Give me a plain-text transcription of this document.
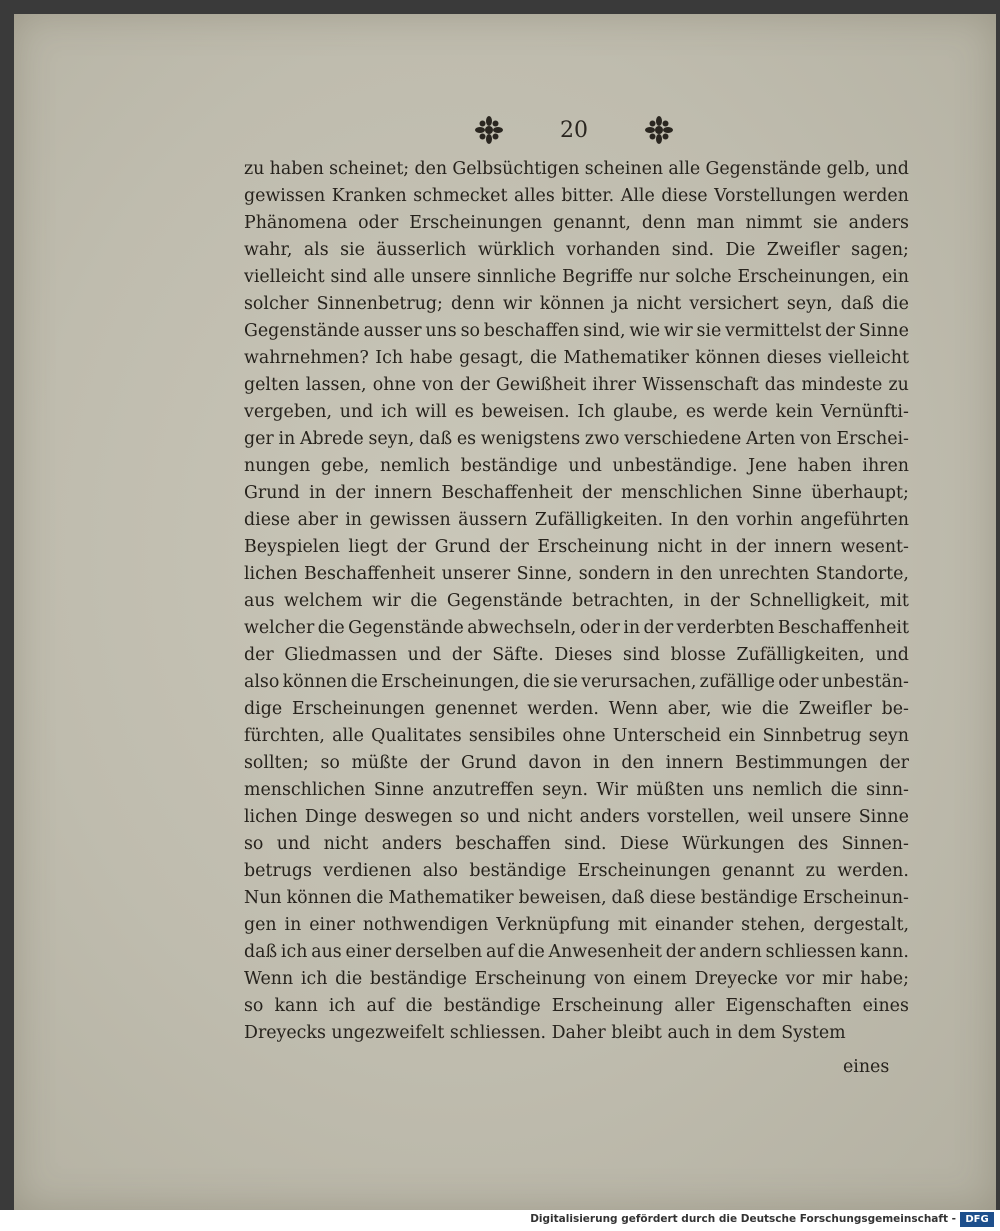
20
zu haben scheinet; den Gelbsüchtigen scheinen alle Gegenstände gelb, und
gewissen Kranken schmecket alles bitter. Alle diese Vorstellungen werden
Phänomena oder Erscheinungen genannt, denn man nimmt sie anders
wahr, als sie äusserlich würklich vorhanden sind. Die Zweifler sagen;
vielleicht sind alle unsere sinnliche Begriffe nur solche Erscheinungen, ein
solcher Sinnenbetrug; denn wir können ja nicht versichert seyn, daß die
Gegenstände ausser uns so beschaffen sind, wie wir sie vermittelst der Sinne
wahrnehmen? Ich habe gesagt, die Mathematiker können dieses vielleicht
gelten lassen, ohne von der Gewißheit ihrer Wissenschaft das mindeste zu
vergeben, und ich will es beweisen. Ich glaube, es werde kein Vernünfti-
ger in Abrede seyn, daß es wenigstens zwo verschiedene Arten von Erschei-
nungen gebe, nemlich beständige und unbeständige. Jene haben ihren
Grund in der innern Beschaffenheit der menschlichen Sinne überhaupt;
diese aber in gewissen äussern Zufälligkeiten. In den vorhin angeführten
Beyspielen liegt der Grund der Erscheinung nicht in der innern wesent-
lichen Beschaffenheit unserer Sinne, sondern in den unrechten Standorte,
aus welchem wir die Gegenstände betrachten, in der Schnelligkeit, mit
welcher die Gegenstände abwechseln, oder in der verderbten Beschaffenheit
der Gliedmassen und der Säfte. Dieses sind blosse Zufälligkeiten, und
also können die Erscheinungen, die sie verursachen, zufällige oder unbestän-
dige Erscheinungen genennet werden. Wenn aber, wie die Zweifler be-
fürchten, alle Qualitates sensibiles ohne Unterscheid ein Sinnbetrug seyn
sollten; so müßte der Grund davon in den innern Bestimmungen der
menschlichen Sinne anzutreffen seyn. Wir müßten uns nemlich die sinn-
lichen Dinge deswegen so und nicht anders vorstellen, weil unsere Sinne
so und nicht anders beschaffen sind. Diese Würkungen des Sinnen-
betrugs verdienen also beständige Erscheinungen genannt zu werden.
Nun können die Mathematiker beweisen, daß diese beständige Erscheinun-
gen in einer nothwendigen Verknüpfung mit einander stehen, dergestalt,
daß ich aus einer derselben auf die Anwesenheit der andern schliessen kann.
Wenn ich die beständige Erscheinung von einem Dreyecke vor mir habe;
so kann ich auf die beständige Erscheinung aller Eigenschaften eines
Dreyecks ungezweifelt schliessen. Daher bleibt auch in dem System
eines
Digitalisierung gefördert durch die Deutsche Forschungsgemeinschaft - DFG
